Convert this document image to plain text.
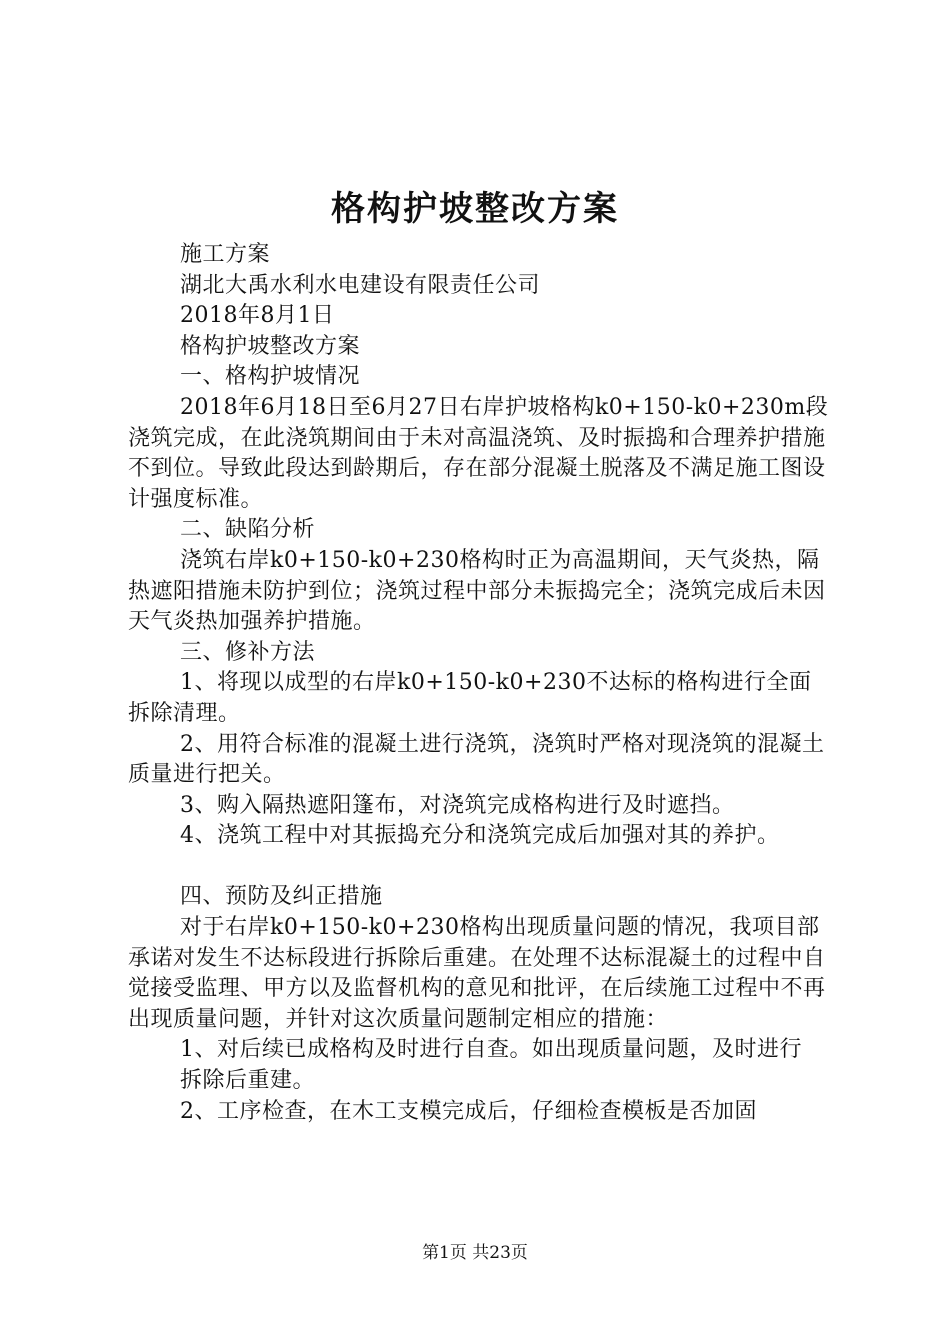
格构护坡整改方案

施工方案

湖北大禹水利水电建设有限责任公司

2018年8月1日

格构护坡整改方案

一、格构护坡情况

2018年6月18日至6月27日右岸护坡格构k0+150-k0+230m段浇筑完成，在此浇筑期间由于未对高温浇筑、及时振捣和合理养护措施不到位。导致此段达到龄期后，存在部分混凝土脱落及不满足施工图设计强度标准。

二、缺陷分析

浇筑右岸k0+150-k0+230格构时正为高温期间，天气炎热，隔热遮阳措施未防护到位；浇筑过程中部分未振捣完全；浇筑完成后未因天气炎热加强养护措施。

三、修补方法

1、将现以成型的右岸k0+150-k0+230不达标的格构进行全面拆除清理。

2、用符合标准的混凝土进行浇筑，浇筑时严格对现浇筑的混凝土质量进行把关。

3、购入隔热遮阳篷布，对浇筑完成格构进行及时遮挡。

4、浇筑工程中对其振捣充分和浇筑完成后加强对其的养护。

四、预防及纠正措施

对于右岸k0+150-k0+230格构出现质量问题的情况，我项目部承诺对发生不达标段进行拆除后重建。在处理不达标混凝土的过程中自觉接受监理、甲方以及监督机构的意见和批评，在后续施工过程中不再出现质量问题，并针对这次质量问题制定相应的措施：

1、对后续已成格构及时进行自查。如出现质量问题，及时进行

拆除后重建。

2、工序检查，在木工支模完成后，仔细检查模板是否加固

第1页 共23页
